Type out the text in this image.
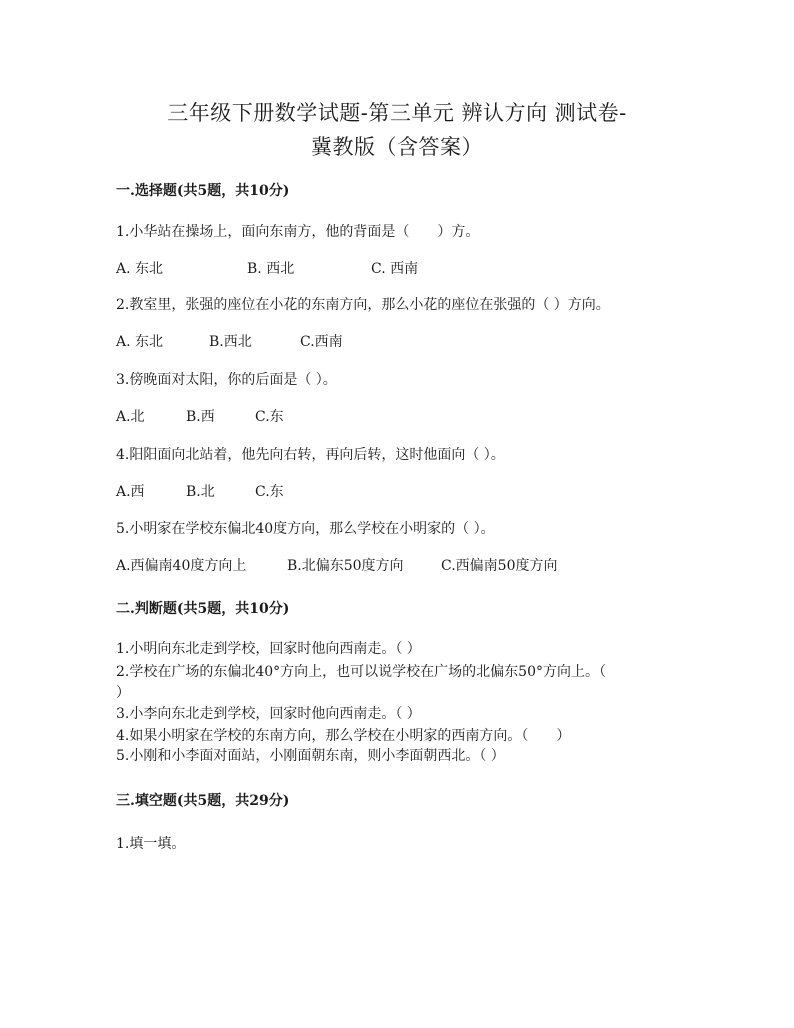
三年级下册数学试题-第三单元 辨认方向 测试卷-
冀教版（含答案）
一.选择题(共5题，共10分)
1.小华站在操场上，面向东南方，他的背面是（　　）方。
A. 东北	B. 西北	C. 西南
2.教室里，张强的座位在小花的东南方向，那么小花的座位在张强的（ ）方向。
A. 东北	B.西北	C.西南
3.傍晚面对太阳，你的后面是（ ）。
A.北	B.西	C.东
4.阳阳面向北站着，他先向右转，再向后转，这时他面向（ ）。
A.西	B.北	C.东
5.小明家在学校东偏北40度方向，那么学校在小明家的（ ）。
A.西偏南40度方向上	B.北偏东50度方向	C.西偏南50度方向
二.判断题(共5题，共10分)
1.小明向东北走到学校，回家时他向西南走。（ ）
2.学校在广场的东偏北40°方向上，也可以说学校在广场的北偏东50°方向上。（
）
3.小李向东北走到学校，回家时他向西南走。（ ）
4.如果小明家在学校的东南方向，那么学校在小明家的西南方向。（　　）
5.小刚和小李面对面站，小刚面朝东南，则小李面朝西北。（ ）
三.填空题(共5题，共29分)
1.填一填。
